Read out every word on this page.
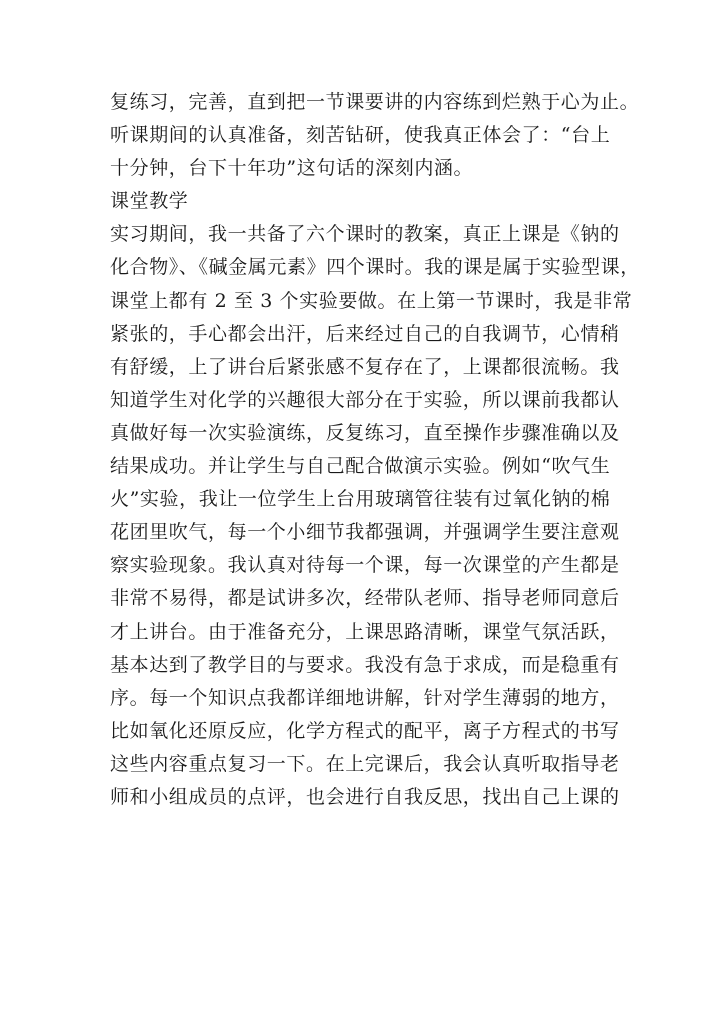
复练习，完善，直到把一节课要讲的内容练到烂熟于心为止。
听课期间的认真准备，刻苦钻研，使我真正体会了：“台上
十分钟，台下十年功”这句话的深刻内涵。
课堂教学
实习期间，我一共备了六个课时的教案，真正上课是《钠的
化合物》、《碱金属元素》四个课时。我的课是属于实验型课，
课堂上都有 2 至 3 个实验要做。在上第一节课时，我是非常
紧张的，手心都会出汗，后来经过自己的自我调节，心情稍
有舒缓，上了讲台后紧张感不复存在了，上课都很流畅。我
知道学生对化学的兴趣很大部分在于实验，所以课前我都认
真做好每一次实验演练，反复练习，直至操作步骤准确以及
结果成功。并让学生与自己配合做演示实验。例如“吹气生
火”实验，我让一位学生上台用玻璃管往装有过氧化钠的棉
花团里吹气，每一个小细节我都强调，并强调学生要注意观
察实验现象。我认真对待每一个课，每一次课堂的产生都是
非常不易得，都是试讲多次，经带队老师、指导老师同意后
才上讲台。由于准备充分，上课思路清晰，课堂气氛活跃，
基本达到了教学目的与要求。我没有急于求成，而是稳重有
序。每一个知识点我都详细地讲解，针对学生薄弱的地方，
比如氧化还原反应，化学方程式的配平，离子方程式的书写
这些内容重点复习一下。在上完课后，我会认真听取指导老
师和小组成员的点评，也会进行自我反思，找出自己上课的
